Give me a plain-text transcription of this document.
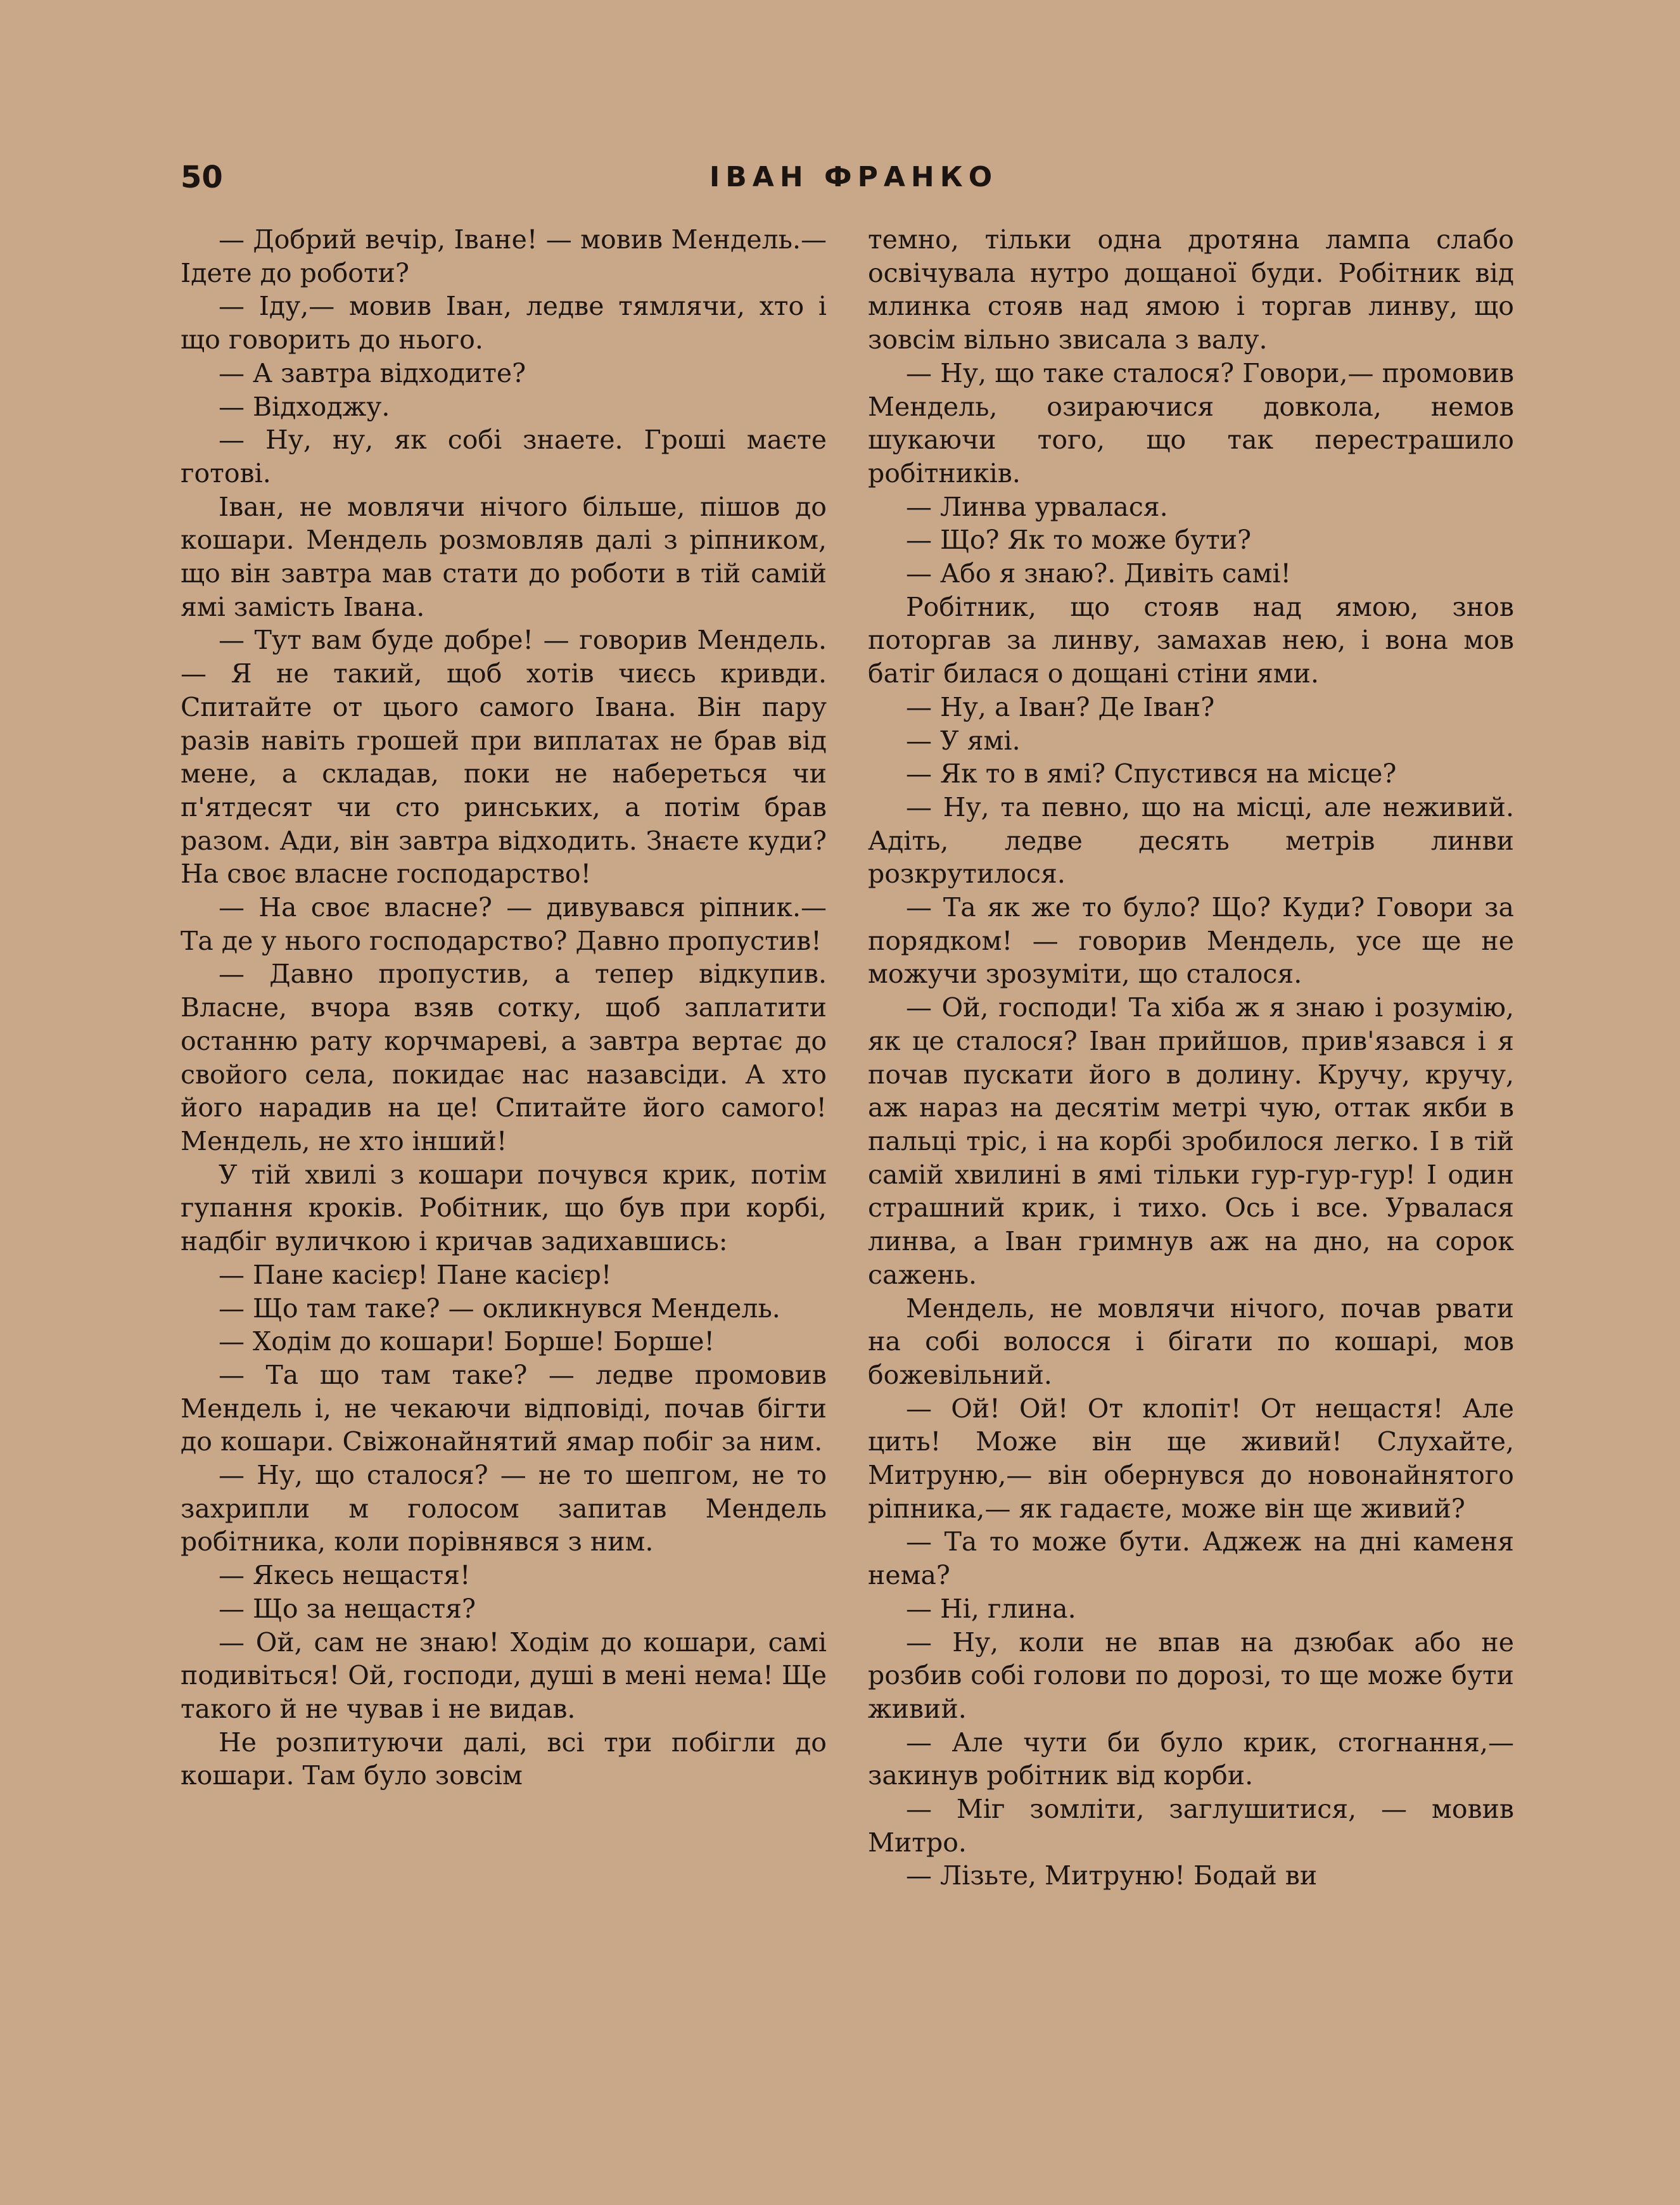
50	ІВАН ФРАНКО

— Добрий вечір, Іване! — мовив Мендель.— Ідете до роботи?

— Іду,— мовив Іван, ледве тямлячи, хто і що говорить до нього.

— А завтра відходите?

— Відходжу.

— Ну, ну, як собі знаете. Гроші маєте готові.

Іван, не мовлячи нічого більше, пішов до кошари. Мендель розмовляв далі з ріпником, що він завтра мав стати до роботи в тій самій ямі замість Івана.

— Тут вам буде добре! — говорив Мендель.— Я не такий, щоб хотів чиєсь кривди. Спитайте от цього самого Івана. Він пару разів навіть грошей при виплатах не брав від мене, а складав, поки не набереться чи п'ятдесят чи сто ринських, а потім брав разом. Ади, він завтра відходить. Знаєте куди? На своє власне господарство!

— На своє власне? — дивувався ріпник.— Та де у нього господарство? Давно пропустив!

— Давно пропустив, а тепер відкупив. Власне, вчора взяв сотку, щоб заплатити останню рату корчмареві, а завтра вертає до свойого села, покидає нас назавсіди. А хто його нарадив на це! Спитайте його самого! Мендель, не хто інший!

У тій хвилі з кошари почувся крик, потім гупання кроків. Робітник, що був при корбі, надбіг вуличкою і кричав задихавшись:

— Пане касієр! Пане касієр!

— Що там таке? — окликнувся Мендель.

— Ходім до кошари! Борше! Борше!

— Та що там таке? — ледве промовив Мендель і, не чекаючи відповіді, почав бігти до кошари. Свіжонайнятий ямар побіг за ним.

— Ну, що сталося? — не то шепгом, не то захрипли м голосом запитав Мендель робітника, коли порівнявся з ним.

— Якесь нещастя!

— Що за нещастя?

— Ой, сам не знаю! Ходім до кошари, самі подивіться! Ой, господи, душі в мені нема! Ще такого й не чував і не видав.

Не розпитуючи далі, всі три побігли до кошари. Там було зовсім

темно, тільки одна дротяна лампа слабо освічувала нутро дощаної буди. Робітник від млинка стояв над ямою і торгав линву, що зовсім вільно звисала з валу.

— Ну, що таке сталося? Говори,— промовив Мендель, озираючися довкола, немов шукаючи того, що так перестрашило робітників.

— Линва урвалася.

— Що? Як то може бути?

— Або я знаю?. Дивіть самі!

Робітник, що стояв над ямою, знов поторгав за линву, замахав нею, і вона мов батіг билася о дощані стіни ями.

— Ну, а Іван? Де Іван?

— У ямі.

— Як то в ямі? Спустився на місце?

— Ну, та певно, що на місці, але неживий. Адіть, ледве десять метрів линви розкрутилося.

— Та як же то було? Що? Куди? Говори за порядком! — говорив Мендель, усе ще не можучи зрозуміти, що сталося.

— Ой, господи! Та хіба ж я знаю і розумію, як це сталося? Іван прийшов, прив'язався і я почав пускати його в долину. Кручу, кручу, аж нараз на десятім метрі чую, оттак якби в пальці тріс, і на корбі зробилося легко. І в тій самій хвилині в ямі тільки гур-гур-гур! І один страшний крик, і тихо. Ось і все. Урвалася линва, а Іван гримнув аж на дно, на сорок сажень.

Мендель, не мовлячи нічого, почав рвати на собі волосся і бігати по кошарі, мов божевільний.

— Ой! Ой! От клопіт! От нещастя! Але цить! Може він ще живий! Слухайте, Митруню,— він обернувся до новонайнятого ріпника,— як гадаєте, може він ще живий?

— Та то може бути. Аджеж на дні каменя нема?

— Ні, глина.

— Ну, коли не впав на дзюбак або не розбив собі голови по дорозі, то ще може бути живий.

— Але чути би було крик, стогнання,— закинув робітник від корби.

— Міг зомліти, заглушитися, — мовив Митро.

— Лізьте, Митруню! Бодай ви
